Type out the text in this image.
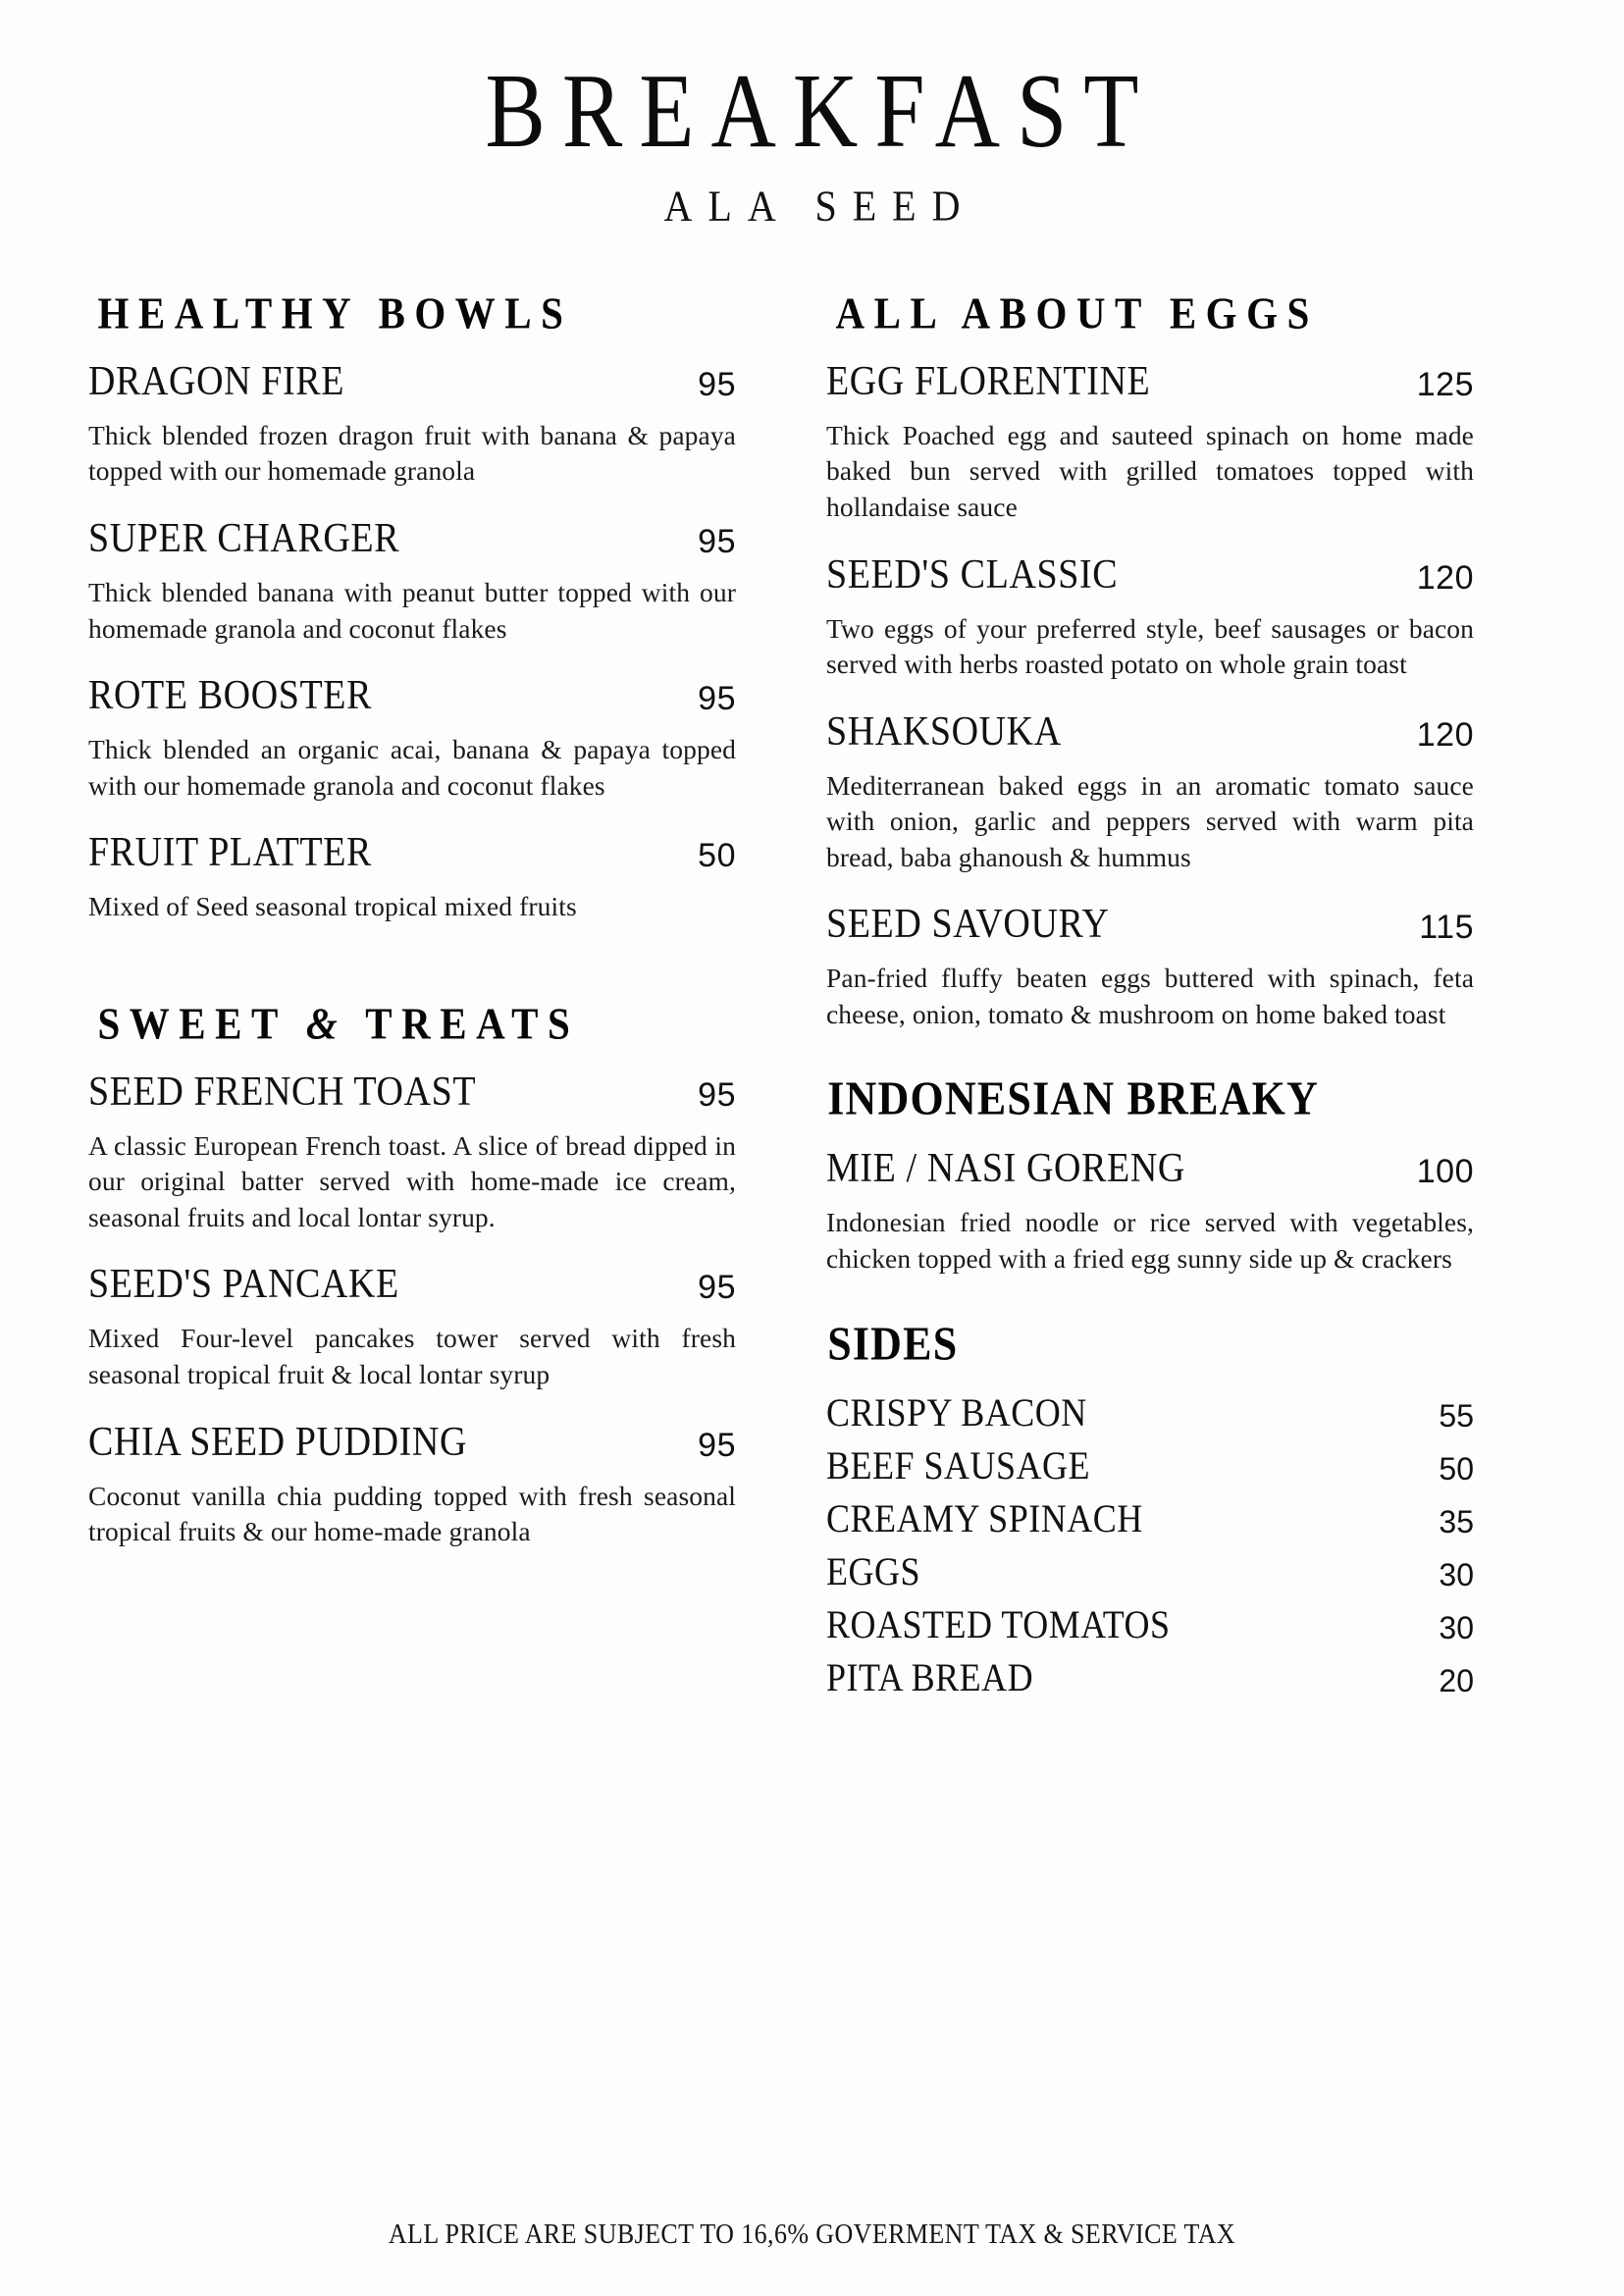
BREAKFAST
ALA SEED
HEALTHY BOWLS
DRAGON FIRE	95
Thick blended frozen dragon fruit with banana & papaya topped with our homemade granola
SUPER CHARGER	95
Thick blended banana with peanut butter topped with our homemade granola and coconut flakes
ROTE BOOSTER	95
Thick blended an organic acai, banana & papaya topped with our homemade granola and coconut flakes
FRUIT PLATTER	50
Mixed of Seed seasonal tropical mixed fruits
SWEET & TREATS
SEED FRENCH TOAST	95
A classic European French toast. A slice of bread dipped in our original batter served with home-made ice cream, seasonal fruits and local lontar syrup.
SEED'S PANCAKE	95
Mixed Four-level pancakes tower served with fresh seasonal tropical fruit & local lontar syrup
CHIA SEED PUDDING	95
Coconut vanilla chia pudding topped with fresh seasonal tropical fruits & our home-made granola
ALL ABOUT EGGS
EGG FLORENTINE	125
Thick Poached egg and sauteed spinach on home made baked bun served with grilled tomatoes topped with hollandaise sauce
SEED'S CLASSIC	120
Two eggs of your preferred style, beef sausages or bacon served with herbs roasted potato on whole grain toast
SHAKSOUKA	120
Mediterranean baked eggs in an aromatic tomato sauce with onion, garlic and peppers served with warm pita bread, baba ghanoush & hummus
SEED SAVOURY	115
Pan-fried fluffy beaten eggs buttered with spinach, feta cheese, onion, tomato & mushroom on home baked toast
INDONESIAN BREAKY
MIE / NASI GORENG	100
Indonesian fried noodle or rice served with vegetables, chicken topped with a fried egg sunny side up & crackers
SIDES
CRISPY BACON	55
BEEF SAUSAGE	50
CREAMY SPINACH	35
EGGS	30
ROASTED TOMATOS	30
PITA BREAD	20
ALL PRICE ARE SUBJECT TO 16,6% GOVERMENT TAX & SERVICE TAX
